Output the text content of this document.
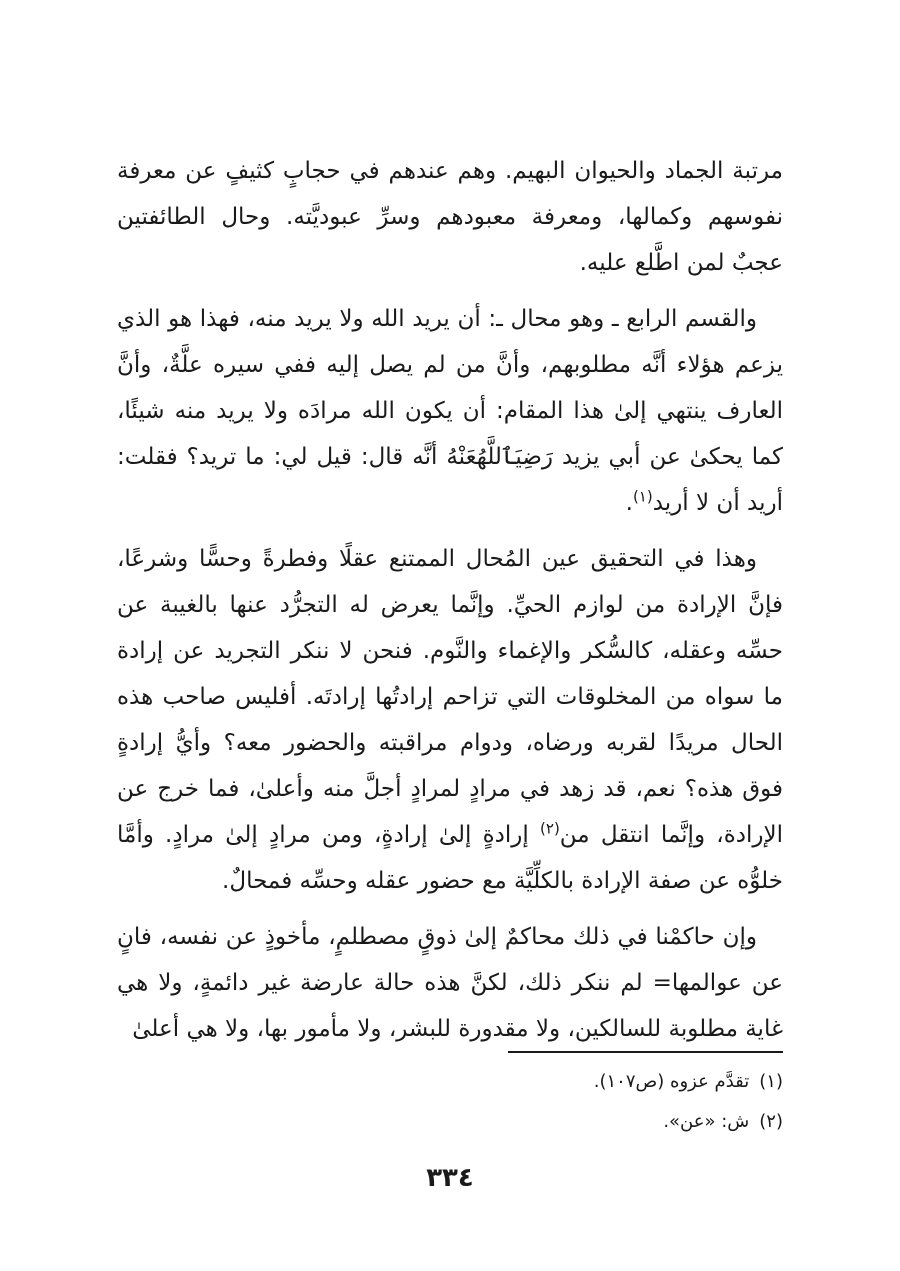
مرتبة الجماد والحيوان البهيم. وهم عندهم في حجابٍ كثيفٍ عن معرفة نفوسهم وكمالها، ومعرفة معبودهم وسرِّ عبوديَّته. وحال الطائفتين عجبٌ لمن اطَّلع عليه.

والقسم الرابع ـ وهو محال ـ: أن يريد الله ولا يريد منه، فهذا هو الذي يزعم هؤلاء أنَّه مطلوبهم، وأنَّ من لم يصل إليه ففي سيره علَّةٌ، وأنَّ العارف ينتهي إلىٰ هذا المقام: أن يكون الله مرادَه ولا يريد منه شيئًا، كما يحكىٰ عن أبي يزيد رَضِيَٱللَّهُعَنْهُ أنَّه قال: قيل لي: ما تريد؟ فقلت: أريد أن لا أريد$^{(١)}$.

وهذا في التحقيق عين المُحال الممتنع عقلًا وفطرةً وحسًّا وشرعًا، فإنَّ الإرادة من لوازم الحيِّ. وإنَّما يعرض له التجرُّد عنها بالغيبة عن حسِّه وعقله، كالسُّكر والإغماء والنَّوم. فنحن لا ننكر التجريد عن إرادة ما سواه من المخلوقات التي تزاحم إرادتُها إرادتَه. أفليس صاحب هذه الحال مريدًا لقربه ورضاه، ودوام مراقبته والحضور معه؟ وأيُّ إرادةٍ فوق هذه؟ نعم، قد زهد في مرادٍ لمرادٍ أجلَّ منه وأعلىٰ، فما خرج عن الإرادة، وإنَّما انتقل من$^{(٢)}$ إرادةٍ إلىٰ إرادةٍ، ومن مرادٍ إلىٰ مرادٍ. وأمَّا خلوُّه عن صفة الإرادة بالكلِّيَّة مع حضور عقله وحسِّه فمحالٌ.

وإن حاكمْنا في ذلك محاكمٌ إلىٰ ذوقٍ مصطلمٍ، مأخوذٍ عن نفسه، فانٍ عن عوالمها= لم ننكر ذلك، لكنَّ هذه حالة عارضة غير دائمةٍ، ولا هي غاية مطلوبة للسالكين، ولا مقدورة للبشر، ولا مأمور بها، ولا هي أعلىٰ

(١)تقدَّم عزوه (ص١٠٧).
(٢)ش: «عن».
٣٣٤
